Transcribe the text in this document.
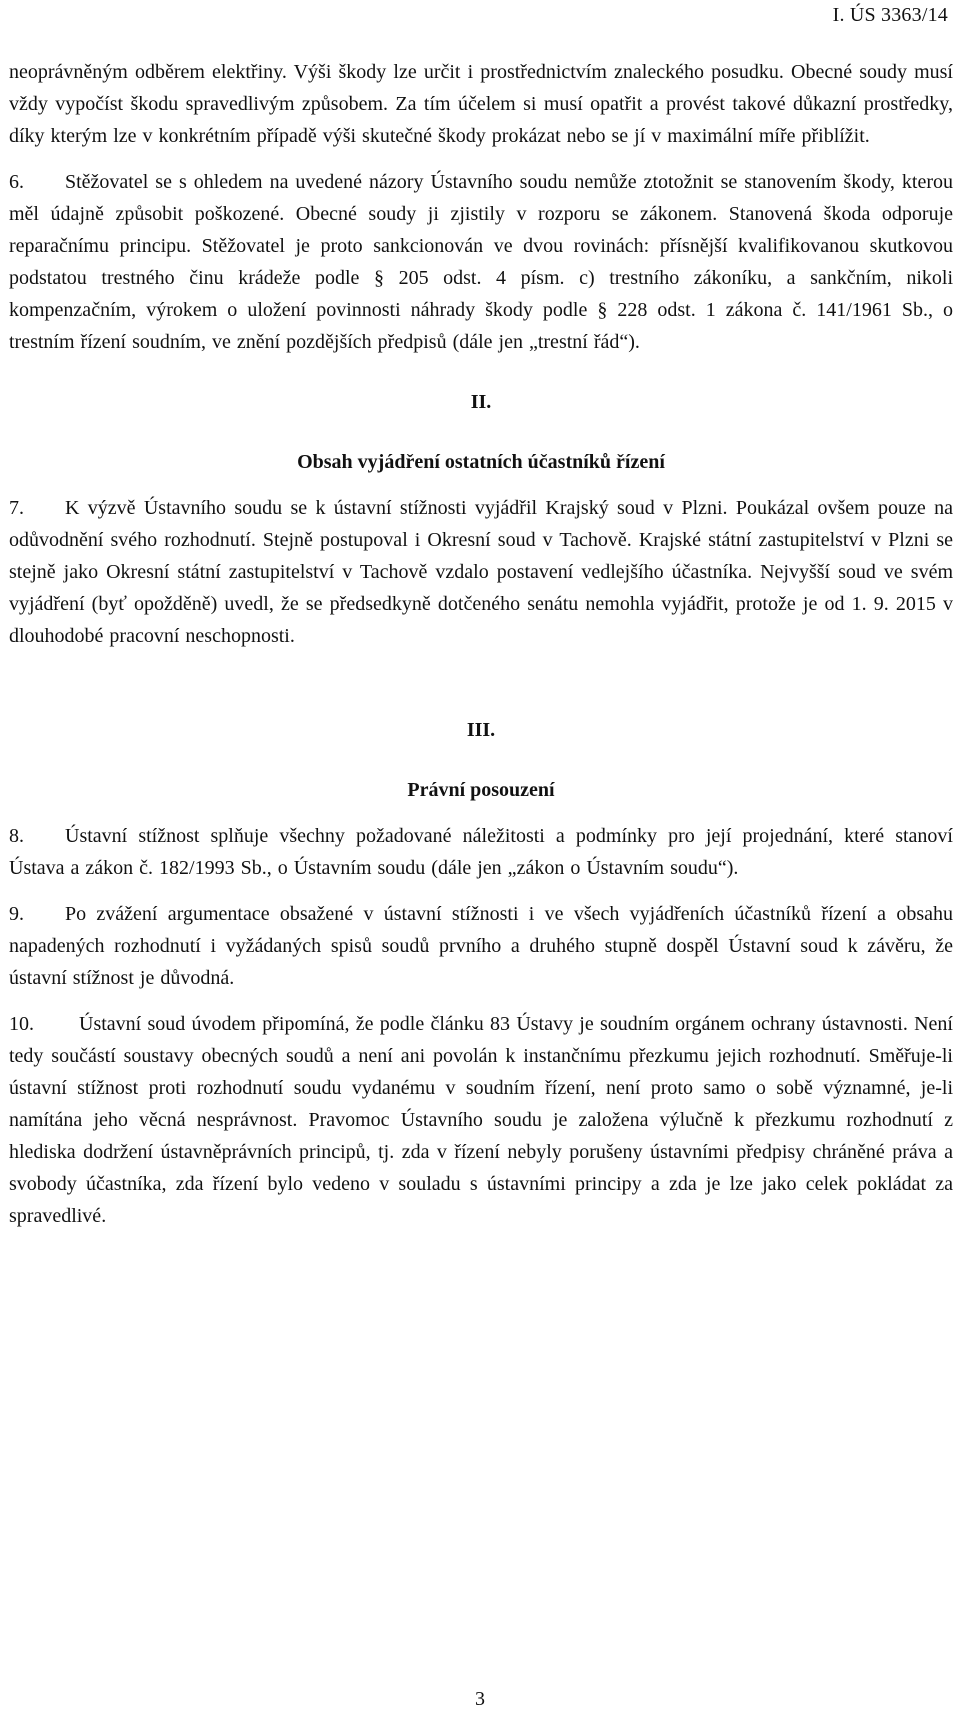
I. ÚS 3363/14

neoprávněným odběrem elektřiny. Výši škody lze určit i prostřednictvím znaleckého posudku. Obecné soudy musí vždy vypočíst škodu spravedlivým způsobem. Za tím účelem si musí opatřit a provést takové důkazní prostředky, díky kterým lze v konkrétním případě výši skutečné škody prokázat nebo se jí v maximální míře přiblížit.

6. Stěžovatel se s ohledem na uvedené názory Ústavního soudu nemůže ztotožnit se stanovením škody, kterou měl údajně způsobit poškozené. Obecné soudy ji zjistily v rozporu se zákonem. Stanovená škoda odporuje reparačnímu principu. Stěžovatel je proto sankcionován ve dvou rovinách: přísnější kvalifikovanou skutkovou podstatou trestného činu krádeže podle § 205 odst. 4 písm. c) trestního zákoníku, a sankčním, nikoli kompenzačním, výrokem o uložení povinnosti náhrady škody podle § 228 odst. 1 zákona č. 141/1961 Sb., o trestním řízení soudním, ve znění pozdějších předpisů (dále jen „trestní řád“).

II.

Obsah vyjádření ostatních účastníků řízení

7. K výzvě Ústavního soudu se k ústavní stížnosti vyjádřil Krajský soud v Plzni. Poukázal ovšem pouze na odůvodnění svého rozhodnutí. Stejně postupoval i Okresní soud v Tachově. Krajské státní zastupitelství v Plzni se stejně jako Okresní státní zastupitelství v Tachově vzdalo postavení vedlejšího účastníka. Nejvyšší soud ve svém vyjádření (byť opožděně) uvedl, že se předsedkyně dotčeného senátu nemohla vyjádřit, protože je od 1. 9. 2015 v dlouhodobé pracovní neschopnosti.

III.

Právní posouzení

8. Ústavní stížnost splňuje všechny požadované náležitosti a podmínky pro její projednání, které stanoví Ústava a zákon č. 182/1993 Sb., o Ústavním soudu (dále jen „zákon o Ústavním soudu“).

9. Po zvážení argumentace obsažené v ústavní stížnosti i ve všech vyjádřeních účastníků řízení a obsahu napadených rozhodnutí i vyžádaných spisů soudů prvního a druhého stupně dospěl Ústavní soud k závěru, že ústavní stížnost je důvodná.

10. Ústavní soud úvodem připomíná, že podle článku 83 Ústavy je soudním orgánem ochrany ústavnosti. Není tedy součástí soustavy obecných soudů a není ani povolán k instančnímu přezkumu jejich rozhodnutí. Směřuje-li ústavní stížnost proti rozhodnutí soudu vydanému v soudním řízení, není proto samo o sobě významné, je-li namítána jeho věcná nesprávnost. Pravomoc Ústavního soudu je založena výlučně k přezkumu rozhodnutí z hlediska dodržení ústavněprávních principů, tj. zda v řízení nebyly porušeny ústavními předpisy chráněné práva a svobody účastníka, zda řízení bylo vedeno v souladu s ústavními principy a zda je lze jako celek pokládat za spravedlivé.

3
